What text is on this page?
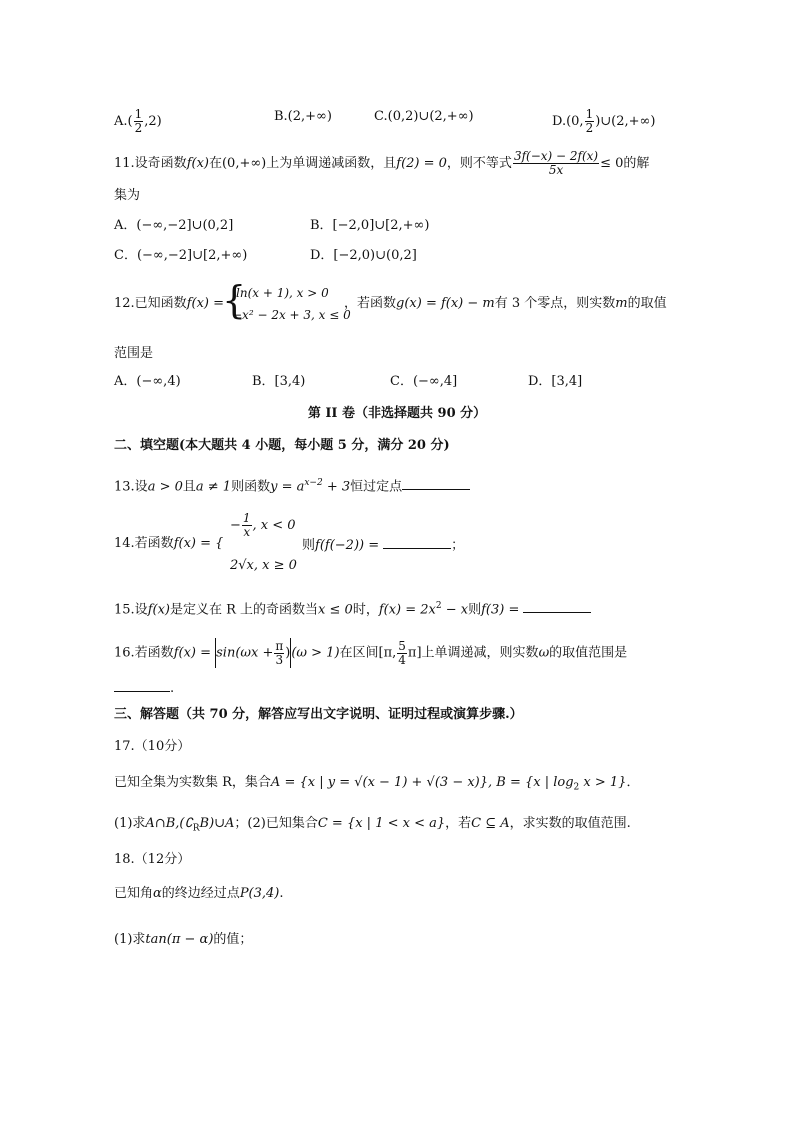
$A.( \frac{1}{2} ,2)$	B.(2,+∞)	C.(0,2)∪(2,+∞)	D.(0, $\frac{1}{2}$ )∪(2,+∞)
11.设奇函数f(x)在(0,+∞)上为单调递减函数，且f(2) = 0，则不等式 $\frac{3f(-x) - 2f(x)}{5x} \le 0$的解
集为
A．(−∞,−2]∪(0,2]	B．[−2,0]∪[2,+∞)
C．(−∞,−2]∪[2,+∞)	D．[−2,0)∪(0,2]
12.已知函数f(x) =
{
ln(x + 1), x > 0
−x² − 2x + 3, x ≤ 0
，若函数g(x) = f(x) − m有 3 个零点，则实数m的取值
范围是
A．(−∞,4)	B．[3,4)	C．(−∞,4]	D．[3,4]
第 II 卷（非选择题共 90 分）
二、填空题(本大题共 4 小题，每小题 5 分，满分 20 分)
13.设a > 0且a ≠ 1则函数$y = a^{x-2} + 3$恒过定点
14.若函数f(x) = {
− $\frac{1}{x}$ , x < 0
2√x, x ≥ 0
则f(f(−2)) =	；
15.设f(x)是定义在 R 上的奇函数当x ≤ 0时，$f(x) = 2x^2 - x$则f(3) =
16.若函数$f(x) = \sin(\omega x + \frac{\pi}{3} )(\omega > 1)$在区间[π, $\frac{5}{4} \pi$]上单调递减，则实数ω的取值范围是
.
三、解答题（共 70 分，解答应写出文字说明、证明过程或演算步骤.）
17.（10分）
已知全集为实数集 R，集合A = {x | y = √(x − 1) + √(3 − x)}, B = {x | $\log_2 x > 1$}．
(1)求$A\cap B,(∁_RB)\cup A$；(2)已知集合C = {x | 1 < x < a}，若C ⊆ A，求实数的取值范围.
18.（12分）
已知角α的终边经过点P(3,4).
(1)求tan(π − α)的值；
